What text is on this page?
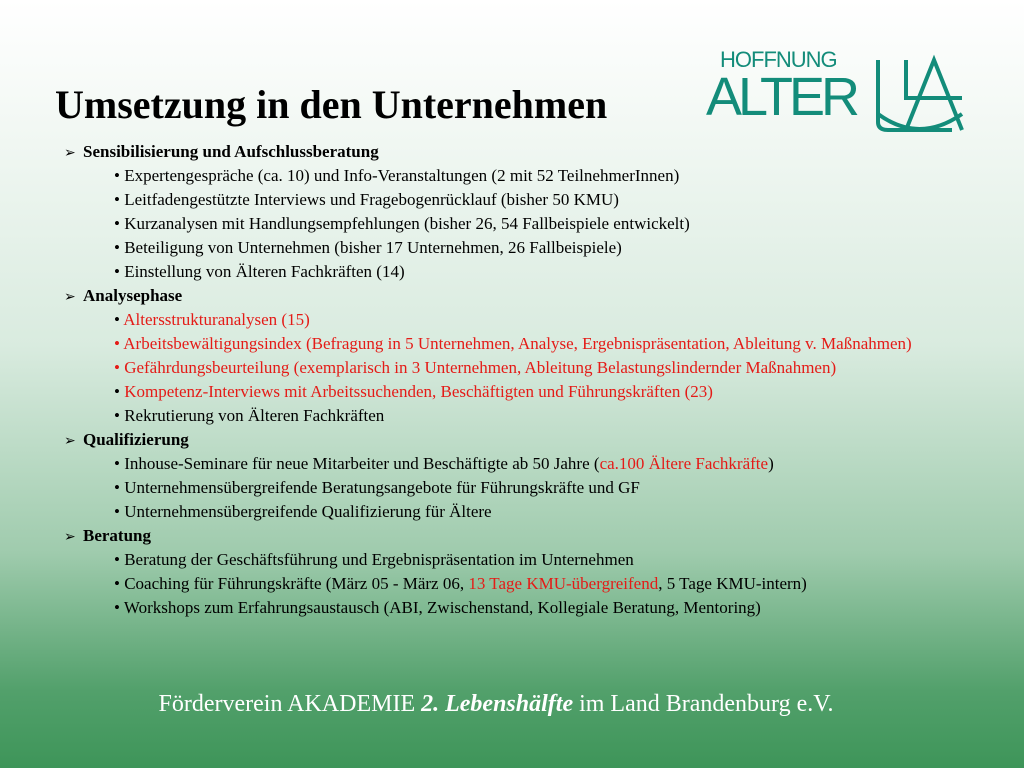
Umsetzung in den Unternehmen
HOFFNUNG
ALTER
➢ Sensibilisierung und Aufschlussberatung
• Expertengespräche (ca. 10) und Info-Veranstaltungen (2 mit 52 TeilnehmerInnen)
• Leitfadengestützte Interviews und Fragebogenrücklauf (bisher 50 KMU)
• Kurzanalysen mit Handlungsempfehlungen (bisher 26, 54 Fallbeispiele entwickelt)
• Beteiligung von Unternehmen (bisher 17 Unternehmen, 26 Fallbeispiele)
• Einstellung von Älteren Fachkräften (14)
➢ Analysephase
• Altersstrukturanalysen (15)
• Arbeitsbewältigungsindex (Befragung in 5 Unternehmen, Analyse, Ergebnispräsentation, Ableitung v. Maßnahmen)
• Gefährdungsbeurteilung (exemplarisch in 3 Unternehmen, Ableitung Belastungslindernder Maßnahmen)
• Kompetenz-Interviews mit Arbeitssuchenden, Beschäftigten und Führungskräften (23)
• Rekrutierung von Älteren Fachkräften
➢ Qualifizierung
• Inhouse-Seminare für neue Mitarbeiter und Beschäftigte ab 50 Jahre (ca.100 Ältere Fachkräfte)
• Unternehmensübergreifende Beratungsangebote für Führungskräfte und GF
• Unternehmensübergreifende Qualifizierung für Ältere
➢ Beratung
• Beratung der Geschäftsführung und Ergebnispräsentation im Unternehmen
• Coaching für Führungskräfte (März 05 - März 06, 13 Tage KMU-übergreifend, 5 Tage KMU-intern)
• Workshops zum Erfahrungsaustausch (ABI, Zwischenstand, Kollegiale Beratung, Mentoring)
Förderverein AKADEMIE 2. Lebenshälfte im Land Brandenburg e.V.
